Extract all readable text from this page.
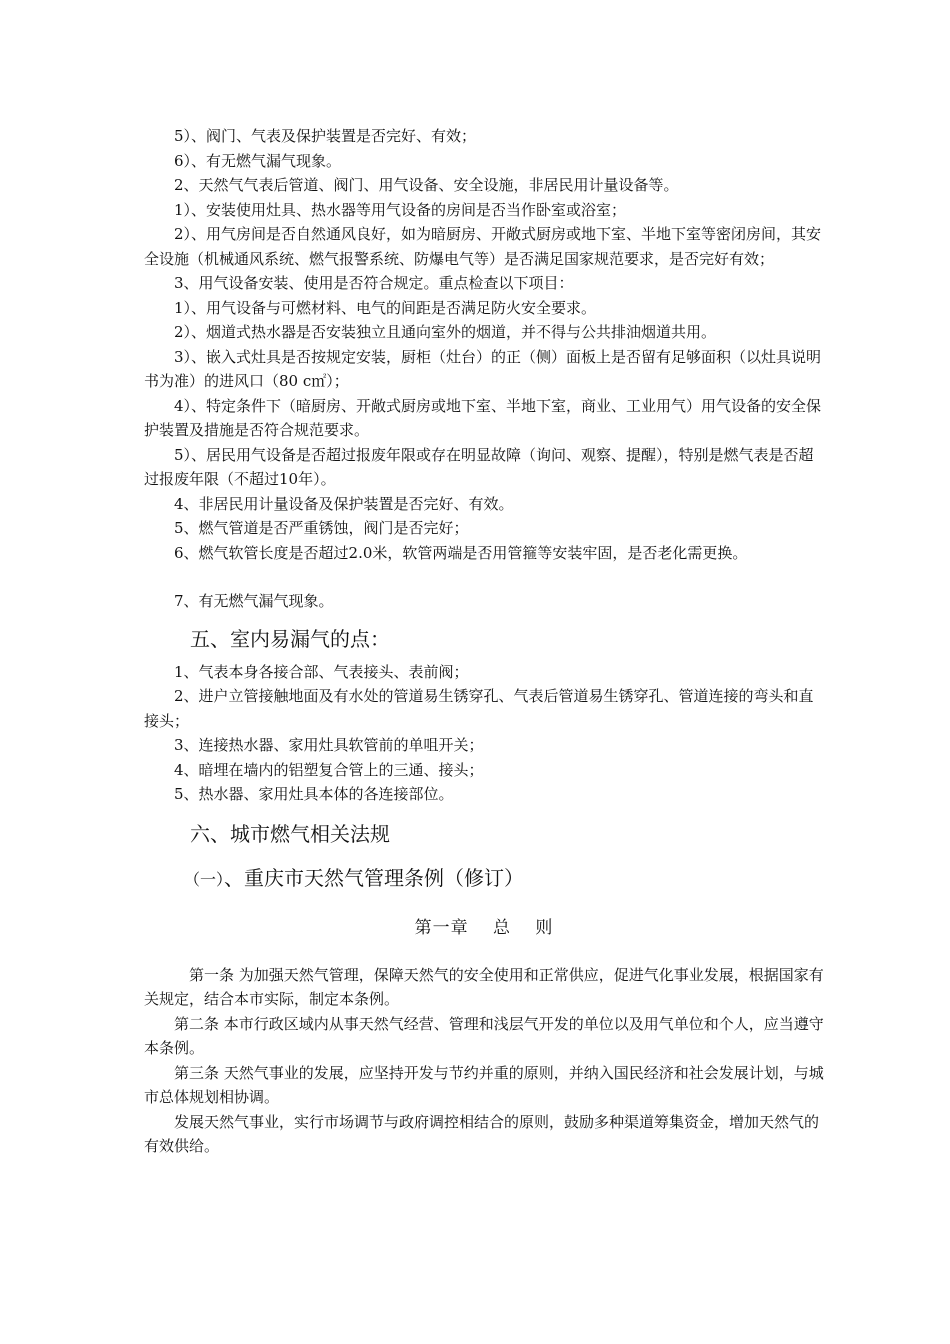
5）、阀门、气表及保护装置是否完好、有效；

6）、有无燃气漏气现象。

2、天然气气表后管道、阀门、用气设备、安全设施，非居民用计量设备等。

1）、安装使用灶具、热水器等用气设备的房间是否当作卧室或浴室；

2）、用气房间是否自然通风良好，如为暗厨房、开敞式厨房或地下室、半地下室等密闭房间，其安全设施（机械通风系统、燃气报警系统、防爆电气等）是否满足国家规范要求，是否完好有效；

3、用气设备安装、使用是否符合规定。重点检查以下项目：

1）、用气设备与可燃材料、电气的间距是否满足防火安全要求。

2）、烟道式热水器是否安装独立且通向室外的烟道，并不得与公共排油烟道共用。

3）、嵌入式灶具是否按规定安装，厨柜（灶台）的正（侧）面板上是否留有足够面积（以灶具说明书为准）的进风口（80 c㎡）；

4）、特定条件下（暗厨房、开敞式厨房或地下室、半地下室，商业、工业用气）用气设备的安全保护装置及措施是否符合规范要求。

5）、居民用气设备是否超过报废年限或存在明显故障（询问、观察、提醒），特别是燃气表是否超过报废年限（不超过10年）。

4、非居民用计量设备及保护装置是否完好、有效。

5、燃气管道是否严重锈蚀，阀门是否完好；

6、燃气软管长度是否超过2.0米，软管两端是否用管箍等安装牢固，是否老化需更换。

7、有无燃气漏气现象。

五、室内易漏气的点：

1、气表本身各接合部、气表接头、表前阀；

2、进户立管接触地面及有水处的管道易生锈穿孔、气表后管道易生锈穿孔、管道连接的弯头和直接头；

3、连接热水器、家用灶具软管前的单咀开关；

4、暗埋在墙内的铝塑复合管上的三通、接头；

5、热水器、家用灶具本体的各连接部位。

六、城市燃气相关法规

（一）、重庆市天然气管理条例（修订）

第一章　 总　 则

第一条 为加强天然气管理，保障天然气的安全使用和正常供应，促进气化事业发展，根据国家有关规定，结合本市实际，制定本条例。

第二条 本市行政区域内从事天然气经营、管理和浅层气开发的单位以及用气单位和个人，应当遵守本条例。

第三条 天然气事业的发展，应坚持开发与节约并重的原则，并纳入国民经济和社会发展计划，与城市总体规划相协调。

发展天然气事业，实行市场调节与政府调控相结合的原则，鼓励多种渠道筹集资金，增加天然气的有效供给。
